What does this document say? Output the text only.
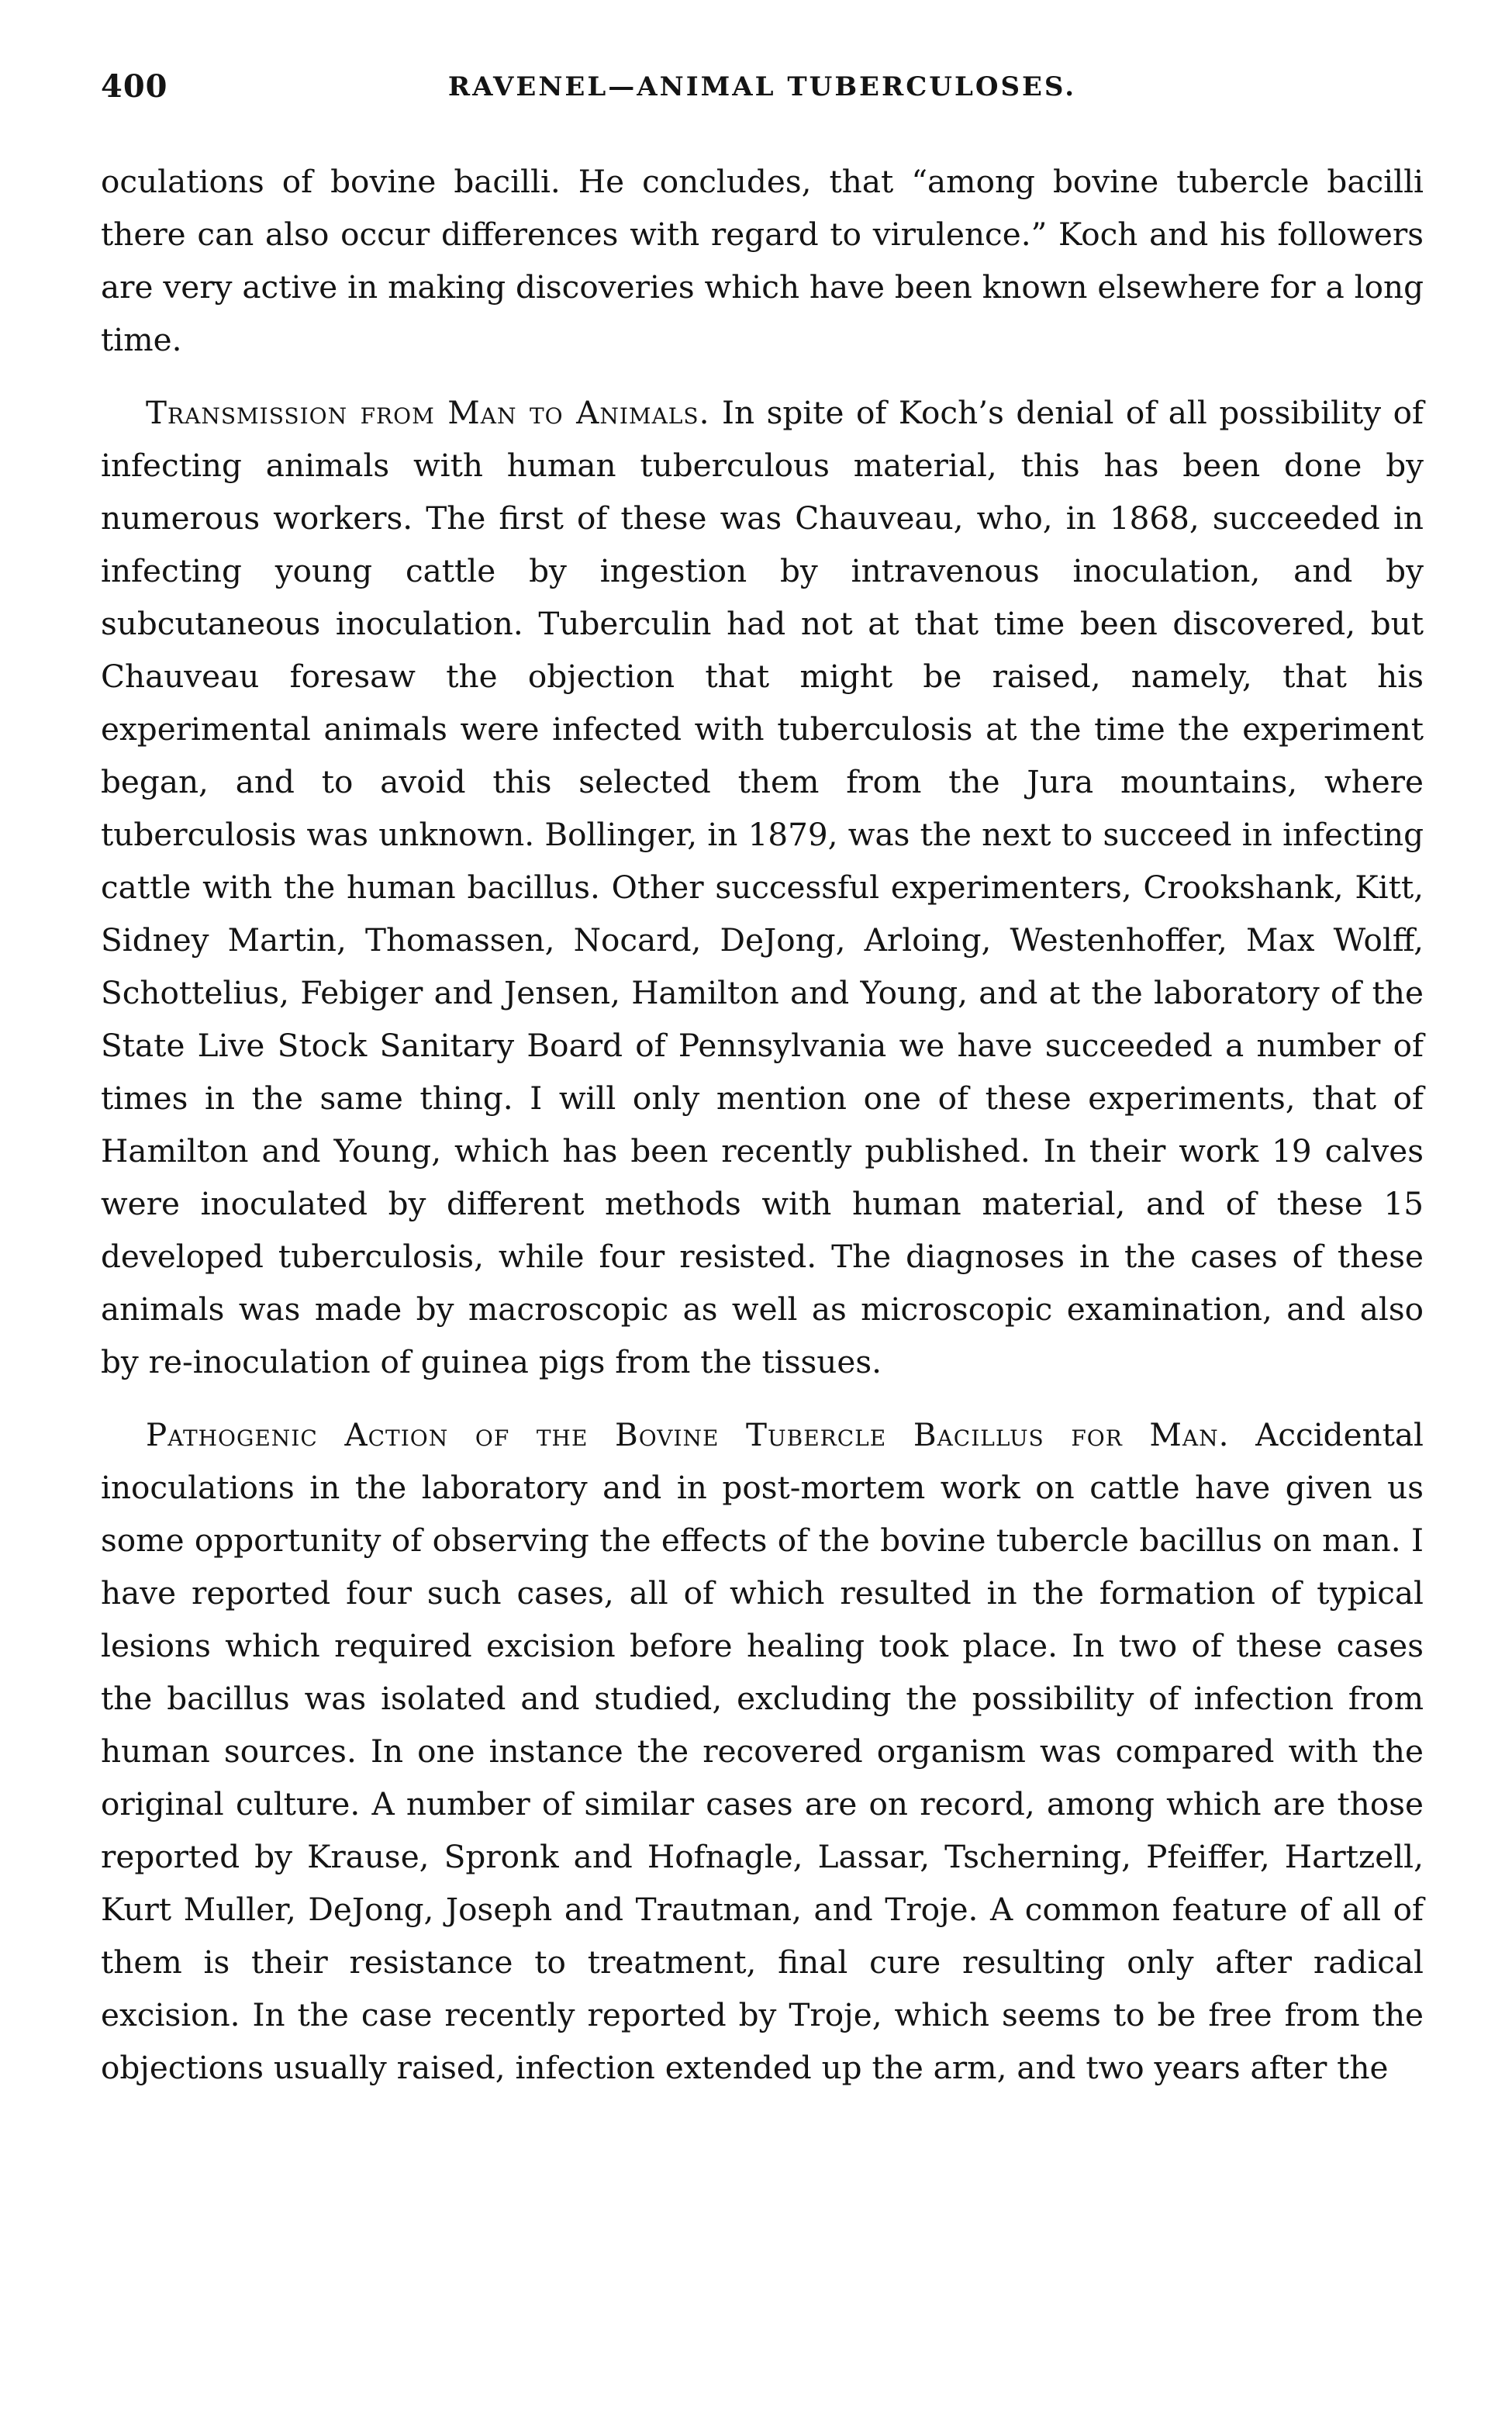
400	RAVENEL—ANIMAL TUBERCULOSES.

oculations of bovine bacilli. He concludes, that “among bovine tubercle bacilli there can also occur differences with regard to virulence.” Koch and his followers are very active in making discoveries which have been known elsewhere for a long time.

Transmission from Man to Animals. In spite of Koch’s denial of all possibility of infecting animals with human tuberculous material, this has been done by numerous workers. The first of these was Chauveau, who, in 1868, succeeded in infecting young cattle by ingestion by intravenous inoculation, and by subcutaneous inoculation. Tuberculin had not at that time been discovered, but Chauveau foresaw the objection that might be raised, namely, that his experimental animals were infected with tuberculosis at the time the experiment began, and to avoid this selected them from the Jura mountains, where tuberculosis was unknown. Bollinger, in 1879, was the next to succeed in infecting cattle with the human bacillus. Other successful experimenters, Crookshank, Kitt, Sidney Martin, Thomassen, Nocard, DeJong, Arloing, Westenhoffer, Max Wolff, Schottelius, Febiger and Jensen, Hamilton and Young, and at the laboratory of the State Live Stock Sanitary Board of Pennsylvania we have succeeded a number of times in the same thing. I will only mention one of these experiments, that of Hamilton and Young, which has been recently published. In their work 19 calves were inoculated by different methods with human material, and of these 15 developed tuberculosis, while four resisted. The diagnoses in the cases of these animals was made by macroscopic as well as microscopic examination, and also by re-inoculation of guinea pigs from the tissues.

Pathogenic Action of the Bovine Tubercle Bacillus for Man. Accidental inoculations in the laboratory and in post-mortem work on cattle have given us some opportunity of observing the effects of the bovine tubercle bacillus on man. I have reported four such cases, all of which resulted in the formation of typical lesions which required excision before healing took place. In two of these cases the bacillus was isolated and studied, excluding the possibility of infection from human sources. In one instance the recovered organism was compared with the original culture. A number of similar cases are on record, among which are those reported by Krause, Spronk and Hofnagle, Lassar, Tscherning, Pfeiffer, Hartzell, Kurt Muller, DeJong, Joseph and Trautman, and Troje. A common feature of all of them is their resistance to treatment, final cure resulting only after radical excision. In the case recently reported by Troje, which seems to be free from the objections usually raised, infection extended up the arm, and two years after the
